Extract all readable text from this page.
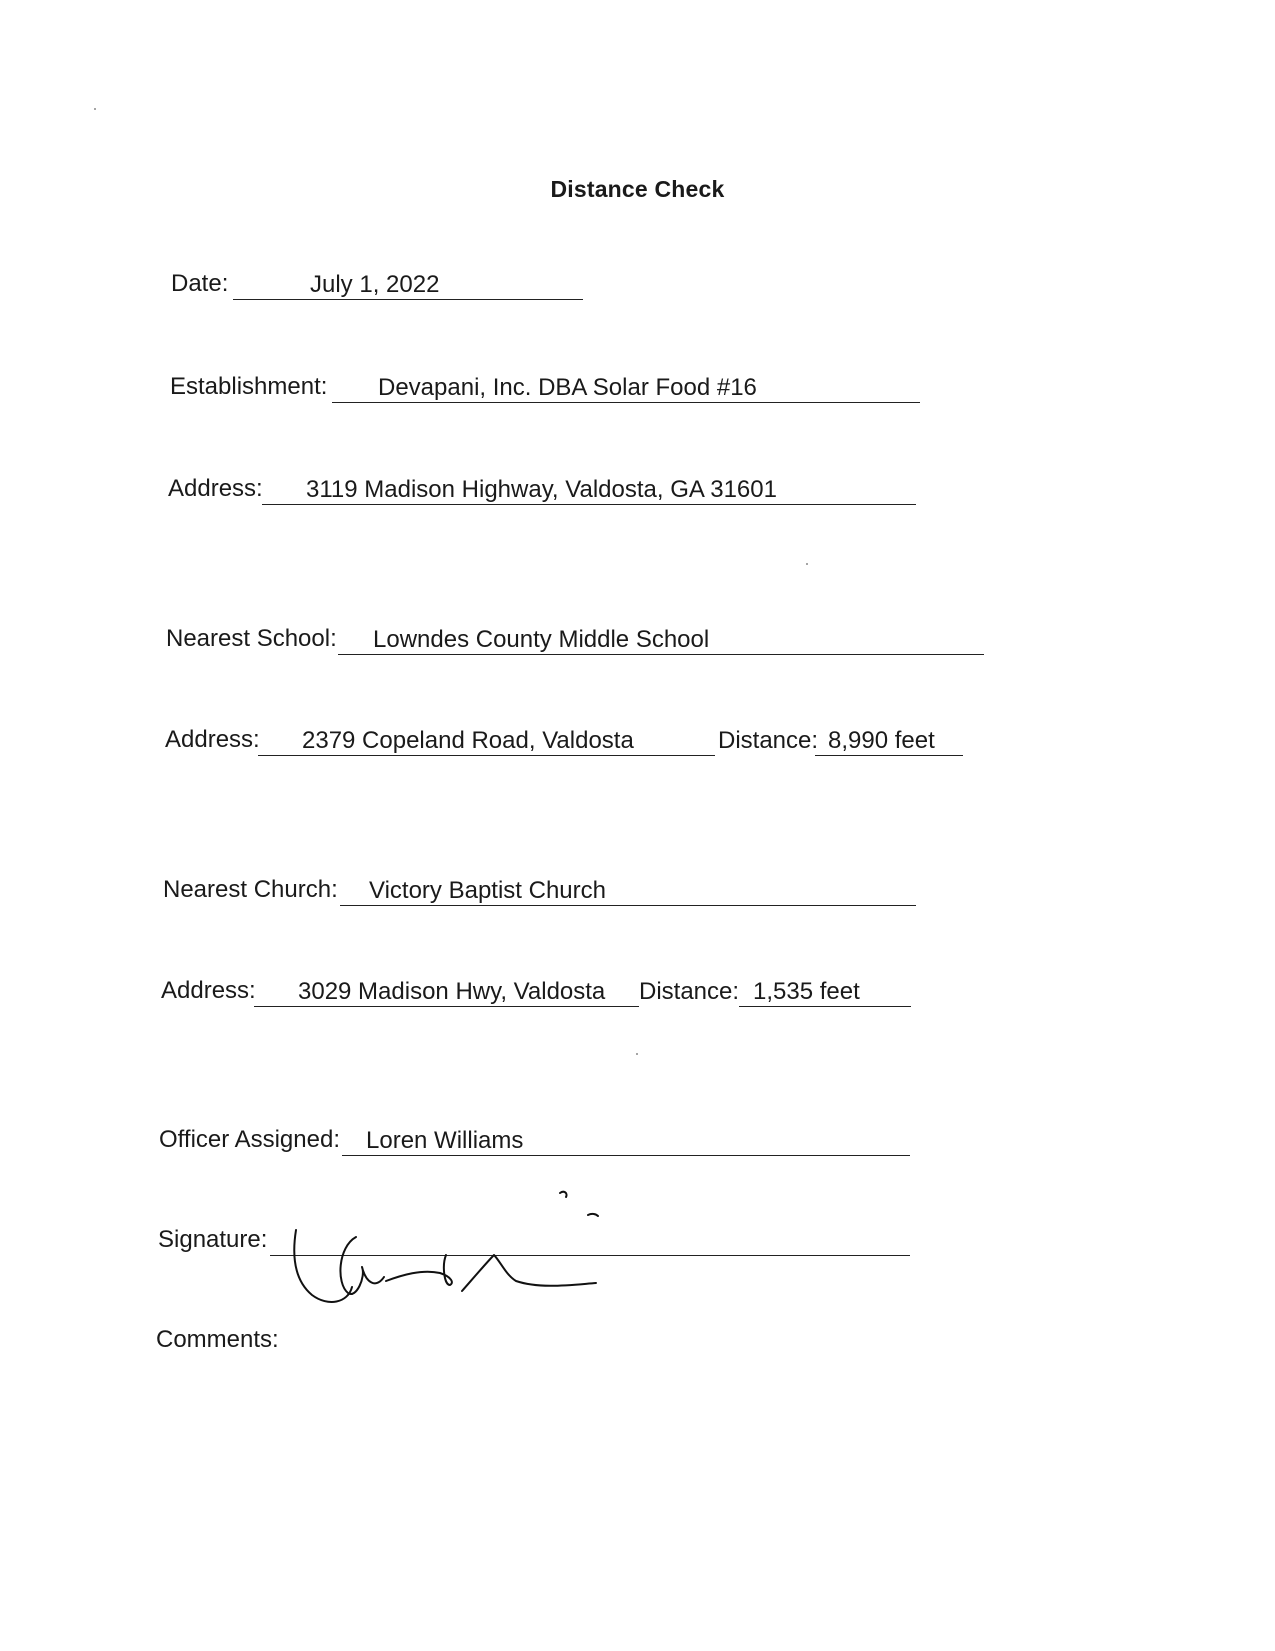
Distance Check
Date:	July 1, 2022
Establishment: Devapani, Inc. DBA Solar Food #16
Address: 3119 Madison Highway, Valdosta, GA 31601
Nearest School: Lowndes County Middle School
Address: 2379 Copeland Road, Valdosta	Distance: 8,990 feet
Nearest Church: Victory Baptist Church
Address: 3029 Madison Hwy, Valdosta Distance: 1,535 feet
Officer Assigned: Loren Williams
Signature:
Comments:
